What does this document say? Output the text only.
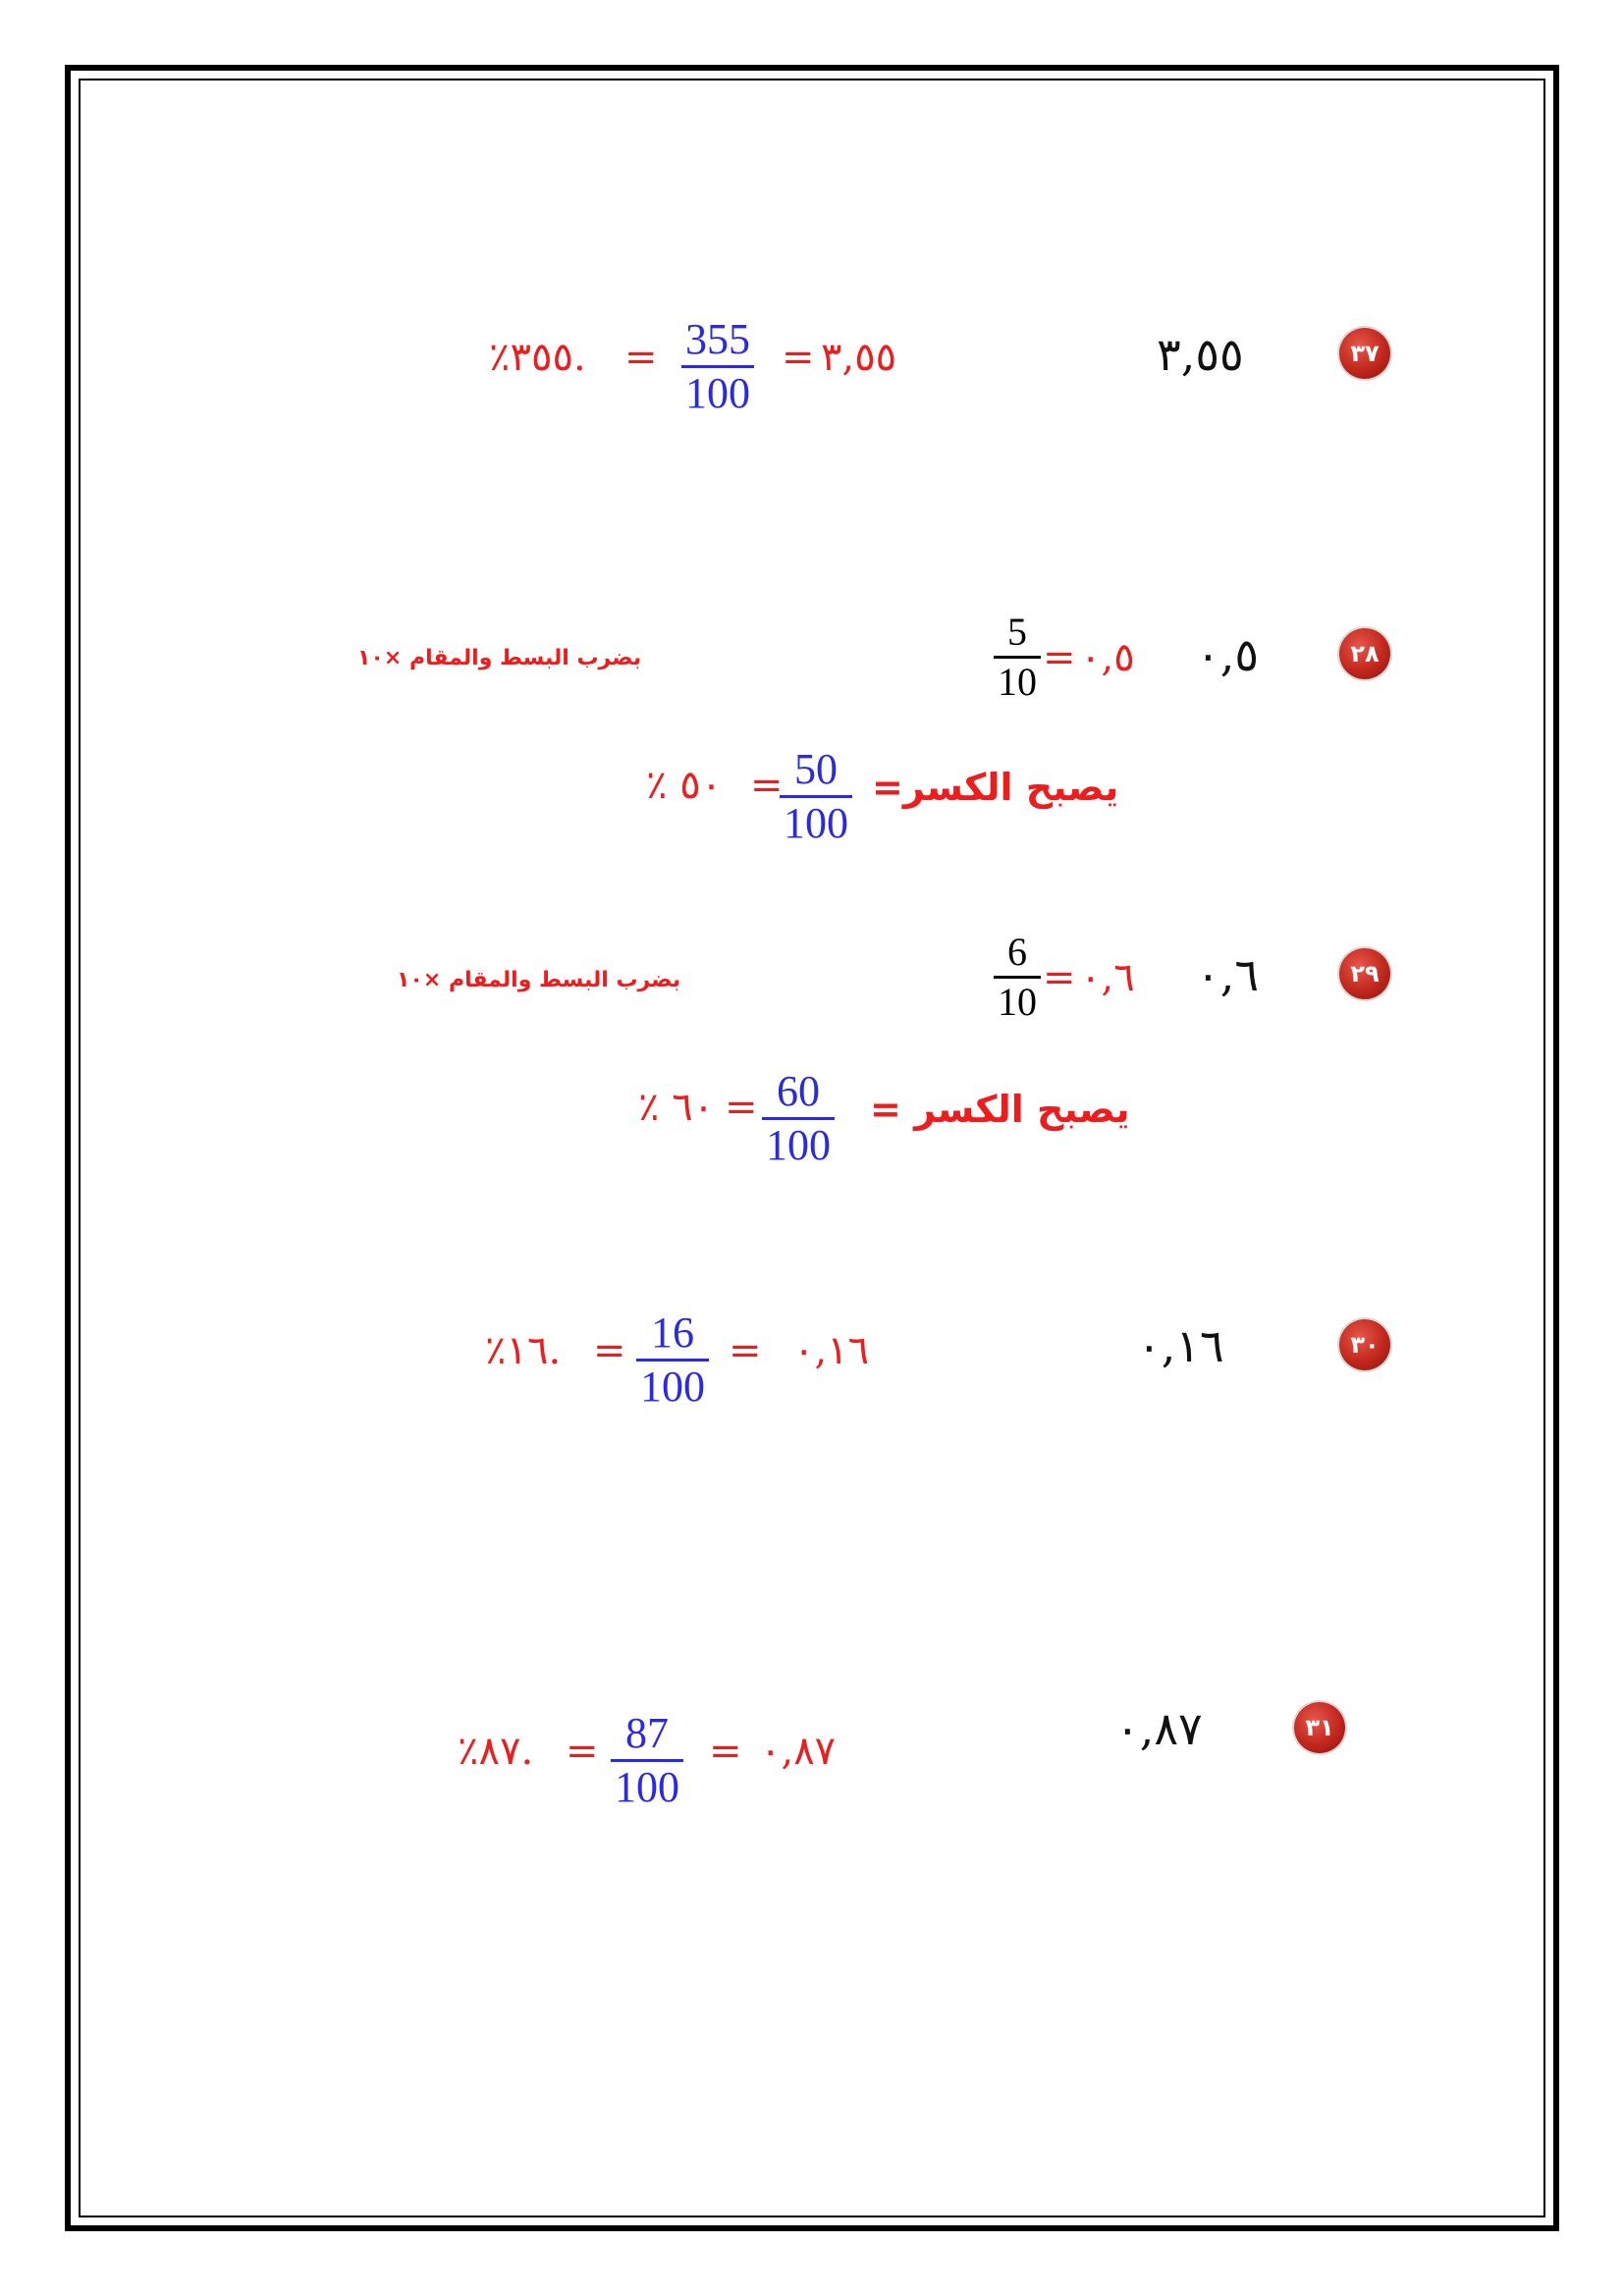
٣٧
٣,٥٥
٣,٥٥
=
355
100
=
٪٣٥٥.
٢٨
٠,٥
٠,٥
=
5
10
بضرب البسط والمقام ×١٠
يصبح الكسر=
50
100
=
٥٠ ٪
٢٩
٠,٦
٠,٦
=
6
10
بضرب البسط والمقام ×١٠
يصبح الكسر =
60
100
=
٦٠ ٪
٣٠
٠,١٦
٠,١٦
=
16
100
=
٪١٦.
٣١
٠,٨٧
٠,٨٧
=
87
100
=
٪٨٧.
